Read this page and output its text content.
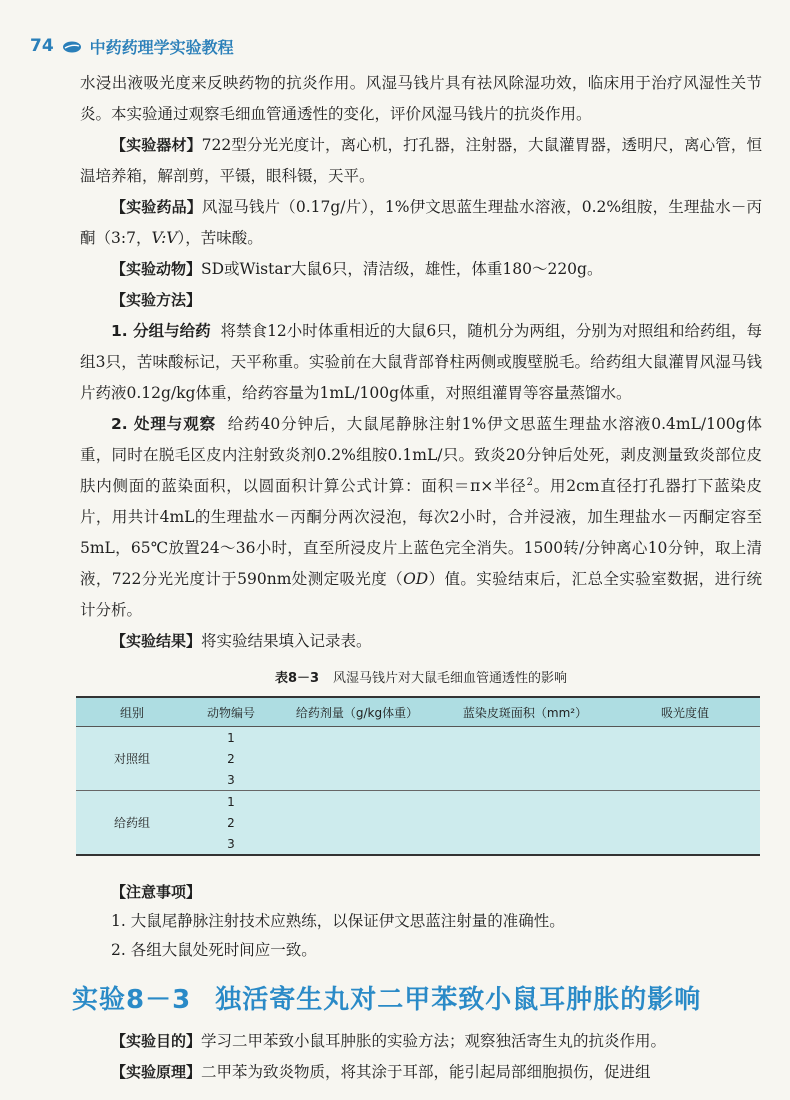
74 中药药理学实验教程

水浸出液吸光度来反映药物的抗炎作用。风湿马钱片具有祛风除湿功效，临床用于治疗风湿性关节炎。本实验通过观察毛细血管通透性的变化，评价风湿马钱片的抗炎作用。

【实验器材】722型分光光度计，离心机，打孔器，注射器，大鼠灌胃器，透明尺，离心管，恒温培养箱，解剖剪，平镊，眼科镊，天平。

【实验药品】风湿马钱片（0.17g/片），1%伊文思蓝生理盐水溶液，0.2%组胺，生理盐水－丙酮（3:7，V:V），苦味酸。

【实验动物】SD或Wistar大鼠6只，清洁级，雄性，体重180～220g。

【实验方法】

1. 分组与给药 将禁食12小时体重相近的大鼠6只，随机分为两组，分别为对照组和给药组，每组3只，苦味酸标记，天平称重。实验前在大鼠背部脊柱两侧或腹壁脱毛。给药组大鼠灌胃风湿马钱片药液0.12g/kg体重，给药容量为1mL/100g体重，对照组灌胃等容量蒸馏水。

2. 处理与观察 给药40分钟后，大鼠尾静脉注射1%伊文思蓝生理盐水溶液0.4mL/100g体重，同时在脱毛区皮内注射致炎剂0.2%组胺0.1mL/只。致炎20分钟后处死，剥皮测量致炎部位皮肤内侧面的蓝染面积，以圆面积计算公式计算：面积＝π×半径$^2$。用2cm直径打孔器打下蓝染皮片，用共计4mL的生理盐水－丙酮分两次浸泡，每次2小时，合并浸液，加生理盐水－丙酮定容至5mL，65℃放置24～36小时，直至所浸皮片上蓝色完全消失。1500转/分钟离心10分钟，取上清液，722分光光度计于590nm处测定吸光度（OD）值。实验结束后，汇总全实验室数据，进行统计分析。

【实验结果】将实验结果填入记录表。

表8－3 风湿马钱片对大鼠毛细血管通透性的影响
组别	动物编号	给药剂量（g/kg体重）	蓝染皮斑面积（mm²）	吸光度值
对照组	1			
	2			
	3			
给药组	1			
	2			
	3			

【注意事项】

1. 大鼠尾静脉注射技术应熟练，以保证伊文思蓝注射量的准确性。

2. 各组大鼠处死时间应一致。

实验8－3 独活寄生丸对二甲苯致小鼠耳肿胀的影响

【实验目的】学习二甲苯致小鼠耳肿胀的实验方法；观察独活寄生丸的抗炎作用。

【实验原理】二甲苯为致炎物质，将其涂于耳部，能引起局部细胞损伤，促进组
